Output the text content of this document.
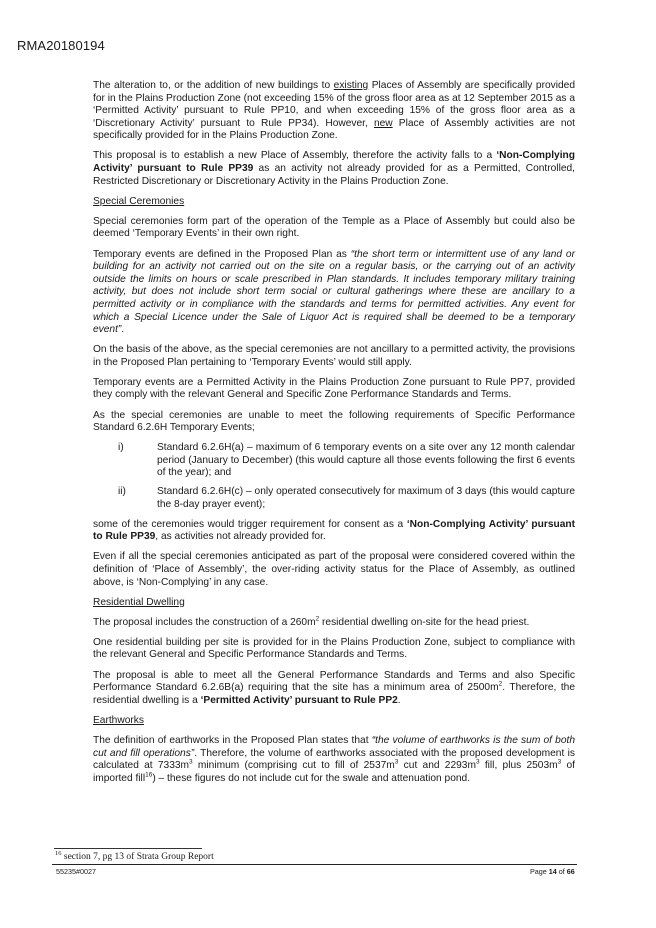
RMA20180194

The alteration to, or the addition of new buildings to existing Places of Assembly are specifically provided for in the Plains Production Zone (not exceeding 15% of the gross floor area as at 12 September 2015 as a ‘Permitted Activity’ pursuant to Rule PP10, and when exceeding 15% of the gross floor area as a ‘Discretionary Activity’ pursuant to Rule PP34). However, new Place of Assembly activities are not specifically provided for in the Plains Production Zone.

This proposal is to establish a new Place of Assembly, therefore the activity falls to a ‘Non-Complying Activity’ pursuant to Rule PP39 as an activity not already provided for as a Permitted, Controlled, Restricted Discretionary or Discretionary Activity in the Plains Production Zone.

Special Ceremonies

Special ceremonies form part of the operation of the Temple as a Place of Assembly but could also be deemed ‘Temporary Events’ in their own right.

Temporary events are defined in the Proposed Plan as “the short term or intermittent use of any land or building for an activity not carried out on the site on a regular basis, or the carrying out of an activity outside the limits on hours or scale prescribed in Plan standards. It includes temporary military training activity, but does not include short term social or cultural gatherings where these are ancillary to a permitted activity or in compliance with the standards and terms for permitted activities. Any event for which a Special Licence under the Sale of Liquor Act is required shall be deemed to be a temporary event”.

On the basis of the above, as the special ceremonies are not ancillary to a permitted activity, the provisions in the Proposed Plan pertaining to ‘Temporary Events’ would still apply.

Temporary events are a Permitted Activity in the Plains Production Zone pursuant to Rule PP7, provided they comply with the relevant General and Specific Zone Performance Standards and Terms.

As the special ceremonies are unable to meet the following requirements of Specific Performance Standard 6.2.6H Temporary Events;

i)	Standard 6.2.6H(a) – maximum of 6 temporary events on a site over any 12 month calendar period (January to December) (this would capture all those events following the first 6 events of the year); and
ii)	Standard 6.2.6H(c) – only operated consecutively for maximum of 3 days (this would capture the 8-day prayer event);

some of the ceremonies would trigger requirement for consent as a ‘Non-Complying Activity’ pursuant to Rule PP39, as activities not already provided for.

Even if all the special ceremonies anticipated as part of the proposal were considered covered within the definition of ‘Place of Assembly’, the over-riding activity status for the Place of Assembly, as outlined above, is ‘Non-Complying’ in any case.

Residential Dwelling

The proposal includes the construction of a $260m^2$ residential dwelling on-site for the head priest.

One residential building per site is provided for in the Plains Production Zone, subject to compliance with the relevant General and Specific Performance Standards and Terms.

The proposal is able to meet all the General Performance Standards and Terms and also Specific Performance Standard 6.2.6B(a) requiring that the site has a minimum area of $2500m^2$. Therefore, the residential dwelling is a ‘Permitted Activity’ pursuant to Rule PP2.

Earthworks

The definition of earthworks in the Proposed Plan states that “the volume of earthworks is the sum of both cut and fill operations”. Therefore, the volume of earthworks associated with the proposed development is calculated at $7333m^3$ minimum (comprising cut to fill of $2537m^3$ cut and $2293m^3$ fill, plus $2503m^3$ of imported fill$^{16}$) – these figures do not include cut for the swale and attenuation pond.

$^{16}$ section 7, pg 13 of Strata Group Report
55235#0027	Page 14 of 66
